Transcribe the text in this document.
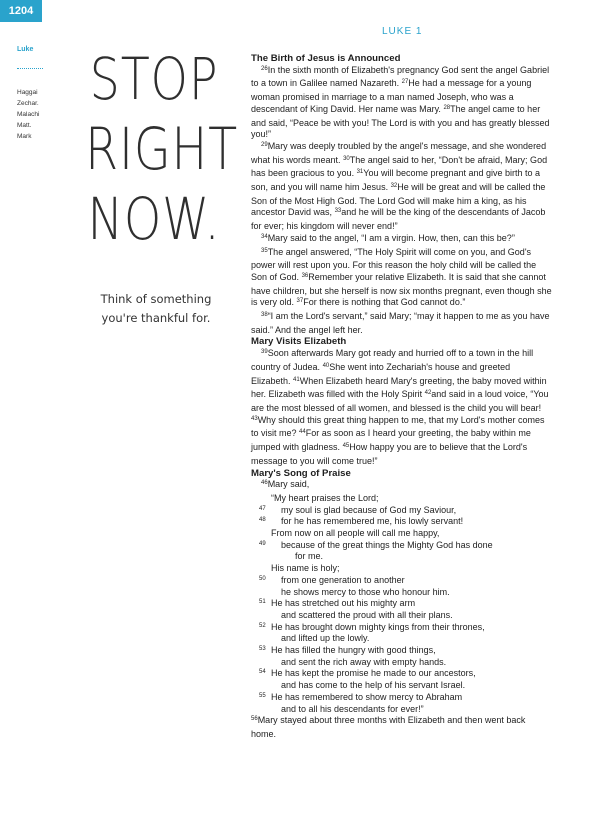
1204
Luke
Haggai
Zechar.
Malachi
Matt.
Mark
LUKE 1
STOP
RIGHT
NOW.
Think of something
you're thankful for.
The Birth of Jesus is Announced

$^{26}$In the sixth month of Elizabeth's pregnancy God sent the angel Gabriel to a town in Galilee named Nazareth. $^{27}$He had a message for a young woman promised in marriage to a man named Joseph, who was a descendant of King David. Her name was Mary. $^{28}$The angel came to her and said, “Peace be with you! The Lord is with you and has greatly blessed you!”

$^{29}$Mary was deeply troubled by the angel's message, and she wondered what his words meant. $^{30}$The angel said to her, “Don't be afraid, Mary; God has been gracious to you. $^{31}$You will become pregnant and give birth to a son, and you will name him Jesus. $^{32}$He will be great and will be called the Son of the Most High God. The Lord God will make him a king, as his ancestor David was, $^{33}$and he will be the king of the descendants of Jacob for ever; his kingdom will never end!”

$^{34}$Mary said to the angel, “I am a virgin. How, then, can this be?”

$^{35}$The angel answered, “The Holy Spirit will come on you, and God's power will rest upon you. For this reason the holy child will be called the Son of God. $^{36}$Remember your relative Elizabeth. It is said that she cannot have children, but she herself is now six months pregnant, even though she is very old. $^{37}$For there is nothing that God cannot do.”

$^{38}$“I am the Lord's servant,” said Mary; “may it happen to me as you have said.” And the angel left her.

Mary Visits Elizabeth

$^{39}$Soon afterwards Mary got ready and hurried off to a town in the hill country of Judea. $^{40}$She went into Zechariah's house and greeted Elizabeth. $^{41}$When Elizabeth heard Mary's greeting, the baby moved within her. Elizabeth was filled with the Holy Spirit $^{42}$and said in a loud voice, “You are the most blessed of all women, and blessed is the child you will bear! $^{43}$Why should this great thing happen to me, that my Lord's mother comes to visit me? $^{44}$For as soon as I heard your greeting, the baby within me jumped with gladness. $^{45}$How happy you are to believe that the Lord's message to you will come true!”

Mary's Song of Praise

$^{46}$Mary said,

“My heart praises the Lord;
47 my soul is glad because of God my Saviour,
48 for he has remembered me, his lowly servant!
From now on all people will call me happy,
49 because of the great things the Mighty God has done
for me.
His name is holy;
50 from one generation to another
he shows mercy to those who honour him.
51 He has stretched out his mighty arm
and scattered the proud with all their plans.
52 He has brought down mighty kings from their thrones,
and lifted up the lowly.
53 He has filled the hungry with good things,
and sent the rich away with empty hands.
54 He has kept the promise he made to our ancestors,
and has come to the help of his servant Israel.
55 He has remembered to show mercy to Abraham
and to all his descendants for ever!”

$^{56}$Mary stayed about three months with Elizabeth and then went back home.
